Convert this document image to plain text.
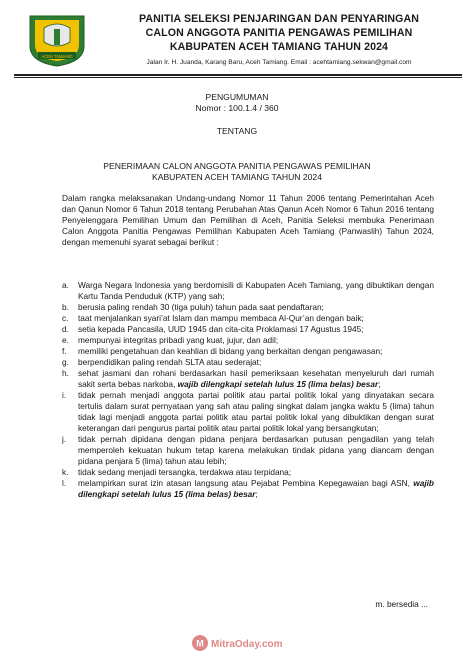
ACEH TAMIANG
PANITIA SELEKSI PENJARINGAN DAN PENYARINGAN
CALON ANGGOTA PANITIA PENGAWAS PEMILIHAN
KABUPATEN ACEH TAMIANG TAHUN 2024
Jalan Ir. H. Juanda, Karang Baru, Aceh Tamiang. Email : acehtamiang.sekwan@gmail.com
PENGUMUMAN
Nomor : 100.1.4 / 360
TENTANG
PENERIMAAN CALON ANGGOTA PANITIA PENGAWAS PEMILIHAN
KABUPATEN ACEH TAMIANG TAHUN 2024
Dalam rangka melaksanakan Undang-undang Nomor 11 Tahun 2006 tentang Pemerintahan Aceh dan Qanun Nomor 6 Tahun 2018 tentang Perubahan Atas Qanun Aceh Nomor 6 Tahun 2016 tentang Penyelenggara Pemilihan Umum dan Pemilihan di Aceh, Panitia Seleksi membuka Penerimaan Calon Anggota Panitia Pengawas Pemilihan Kabupaten Aceh Tamiang (Panwaslih) Tahun 2024, dengan memenuhi syarat sebagai berikut :
a. Warga Negara Indonesia yang berdomisili di Kabupaten Aceh Tamiang, yang dibuktikan dengan Kartu Tanda Penduduk (KTP) yang sah;
b. berusia paling rendah 30 (tiga puluh) tahun pada saat pendaftaran;
c. taat menjalankan syari’at Islam dan mampu membaca Al-Qur’an dengan baik;
d. setia kepada Pancasila, UUD 1945 dan cita-cita Proklamasi 17 Agustus 1945;
e. mempunyai integritas pribadi yang kuat, jujur, dan adil;
f. memiliki pengetahuan dan keahlian di bidang yang berkaitan dengan pengawasan;
g. berpendidikan paling rendah SLTA atau sederajat;
h. sehat jasmani dan rohani berdasarkan hasil pemeriksaan kesehatan menyeluruh dari rumah sakit serta bebas narkoba, wajib dilengkapi setelah lulus 15 (lima belas) besar;
i. tidak pernah menjadi anggota partai politik atau partai politik lokal yang dinyatakan secara tertulis dalam surat pernyataan yang sah atau paling singkat dalam jangka waktu 5 (lima) tahun tidak lagi menjadi anggota partai politik atau partai politik lokal yang dibuktikan dengan surat keterangan dari pengurus partai politik atau partai politik lokal yang bersangkutan;
j. tidak pernah dipidana dengan pidana penjara berdasarkan putusan pengadilan yang telah memperoleh kekuatan hukum tetap karena melakukan tindak pidana yang diancam dengan pidana penjara 5 (lima) tahun atau lebih;
k. tidak sedang menjadi tersangka, terdakwa atau terpidana;
l. melampirkan surat izin atasan langsung atau Pejabat Pembina Kepegawaian bagi ASN, wajib dilengkapi setelah lulus 15 (lima belas) besar;
m. bersedia ...
M MitraOday.com
